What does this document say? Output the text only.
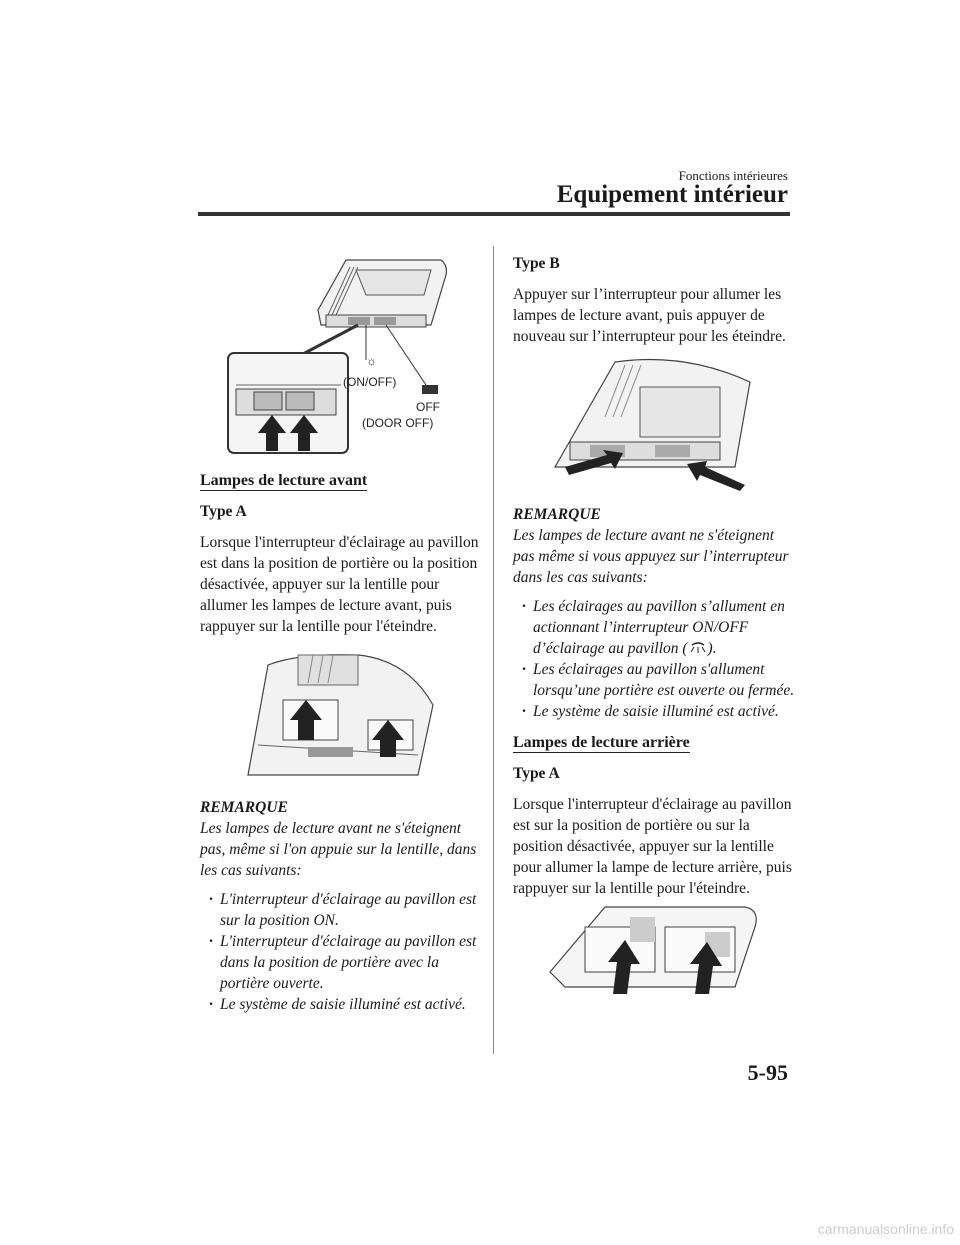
Fonctions intérieures
Equipement intérieur
☼
(ON/OFF)
OFF
(DOOR OFF)
Lampes de lecture avant

Type A

Lorsque l'interrupteur d'éclairage au pavillon est dans la position de portière ou la position désactivée, appuyer sur la lentille pour allumer les lampes de lecture avant, puis rappuyer sur la lentille pour l'éteindre.

REMARQUE
Les lampes de lecture avant ne s'éteignent pas, même si l'on appuie sur la lentille, dans les cas suivants:
· L'interrupteur d'éclairage au pavillon est sur la position ON.
· L'interrupteur d'éclairage au pavillon est dans la position de portière avec la portière ouverte.
· Le système de saisie illuminé est activé.

Type B

Appuyer sur l’interrupteur pour allumer les lampes de lecture avant, puis appuyer de nouveau sur l’interrupteur pour les éteindre.

REMARQUE
Les lampes de lecture avant ne s'éteignent pas même si vous appuyez sur l’interrupteur dans les cas suivants:
· Les éclairages au pavillon s’allument en actionnant l’interrupteur ON/OFF d’éclairage au pavillon ( ).
· Les éclairages au pavillon s'allument lorsqu’une portière est ouverte ou fermée.
· Le système de saisie illuminé est activé.
Lampes de lecture arrière

Type A

Lorsque l'interrupteur d'éclairage au pavillon est sur la position de portière ou sur la position désactivée, appuyer sur la lentille pour allumer la lampe de lecture arrière, puis rappuyer sur la lentille pour l'éteindre.

5-95
carmanualsonline.info
